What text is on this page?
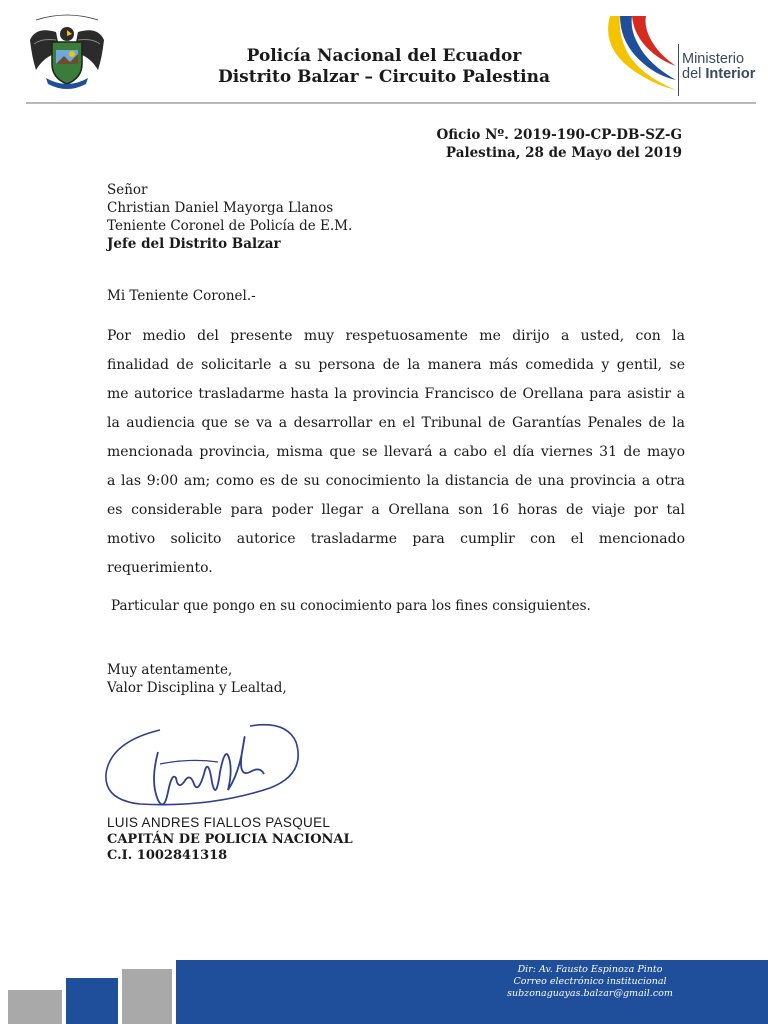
Policía Nacional del Ecuador
Distrito Balzar – Circuito Palestina
Ministerio
del Interior
Oficio Nº. 2019-190-CP-DB-SZ-G
Palestina, 28 de Mayo del 2019
Señor
Christian Daniel Mayorga Llanos
Teniente Coronel de Policía de E.M.
Jefe del Distrito Balzar
Mi Teniente Coronel.-
Por medio del presente muy respetuosamente me dirijo a usted, con la finalidad de solicitarle a su persona de la manera más comedida y gentil, se me autorice trasladarme hasta la provincia Francisco de Orellana para asistir a la audiencia que se va a desarrollar en el Tribunal de Garantías Penales de la mencionada provincia, misma que se llevará a cabo el día viernes 31 de mayo a las 9:00 am; como es de su conocimiento la distancia de una provincia a otra es considerable para poder llegar a Orellana son 16 horas de viaje por tal motivo solicito autorice trasladarme para cumplir con el mencionado requerimiento.
Particular que pongo en su conocimiento para los fines consiguientes.
Muy atentamente,
Valor Disciplina y Lealtad,
LUIS ANDRES FIALLOS PASQUEL
CAPITÁN DE POLICIA NACIONAL
C.I. 1002841318
Dir: Av. Fausto Espinoza Pinto
Correo electrónico institucional
subzonaguayas.balzar@gmail.com
